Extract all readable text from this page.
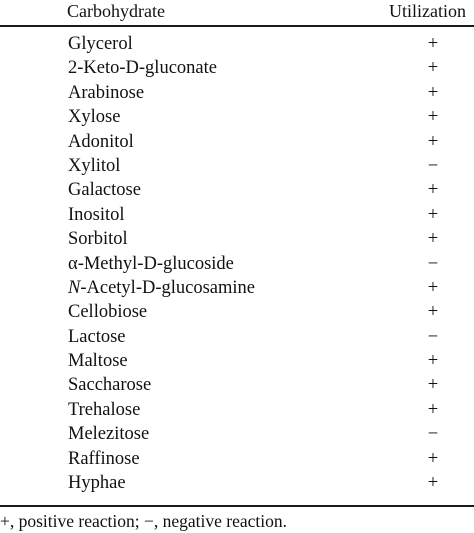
Carbohydrate	Utilization
Glycerol	+
2-Keto-D-gluconate	+
Arabinose	+
Xylose	+
Adonitol	+
Xylitol	−
Galactose	+
Inositol	+
Sorbitol	+
α-Methyl-D-glucoside	−
N-Acetyl-D-glucosamine	+
Cellobiose	+
Lactose	−
Maltose	+
Saccharose	+
Trehalose	+
Melezitose	−
Raffinose	+
Hyphae	+
+, positive reaction; −, negative reaction.
